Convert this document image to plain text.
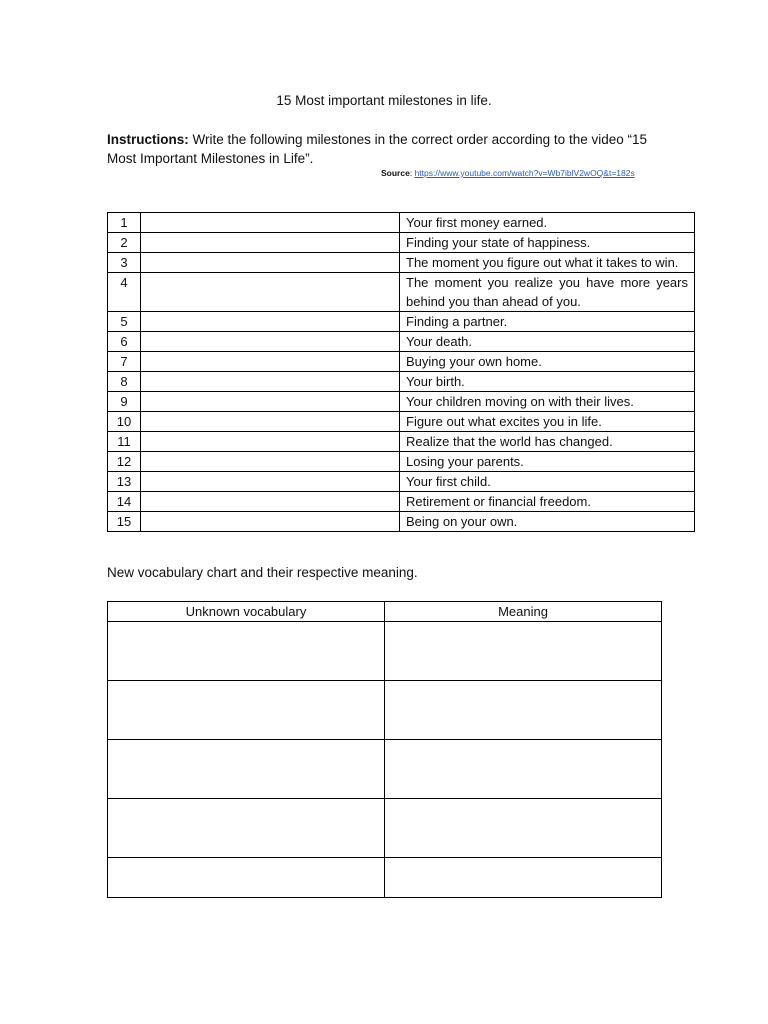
15 Most important milestones in life.
Instructions: Write the following milestones in the correct order according to the video “15 Most Important Milestones in Life”.
Source: https://www.youtube.com/watch?v=Wb7iblV2wOQ&t=182s
1		Your first money earned.
2		Finding your state of happiness.
3		The moment you figure out what it takes to win.
4		The moment you realize you have more years behind you than ahead of you.
5		Finding a partner.
6		Your death.
7		Buying your own home.
8		Your birth.
9		Your children moving on with their lives.
10		Figure out what excites you in life.
11		Realize that the world has changed.
12		Losing your parents.
13		Your first child.
14		Retirement or financial freedom.
15		Being on your own.
New vocabulary chart and their respective meaning.
Unknown vocabulary	Meaning
